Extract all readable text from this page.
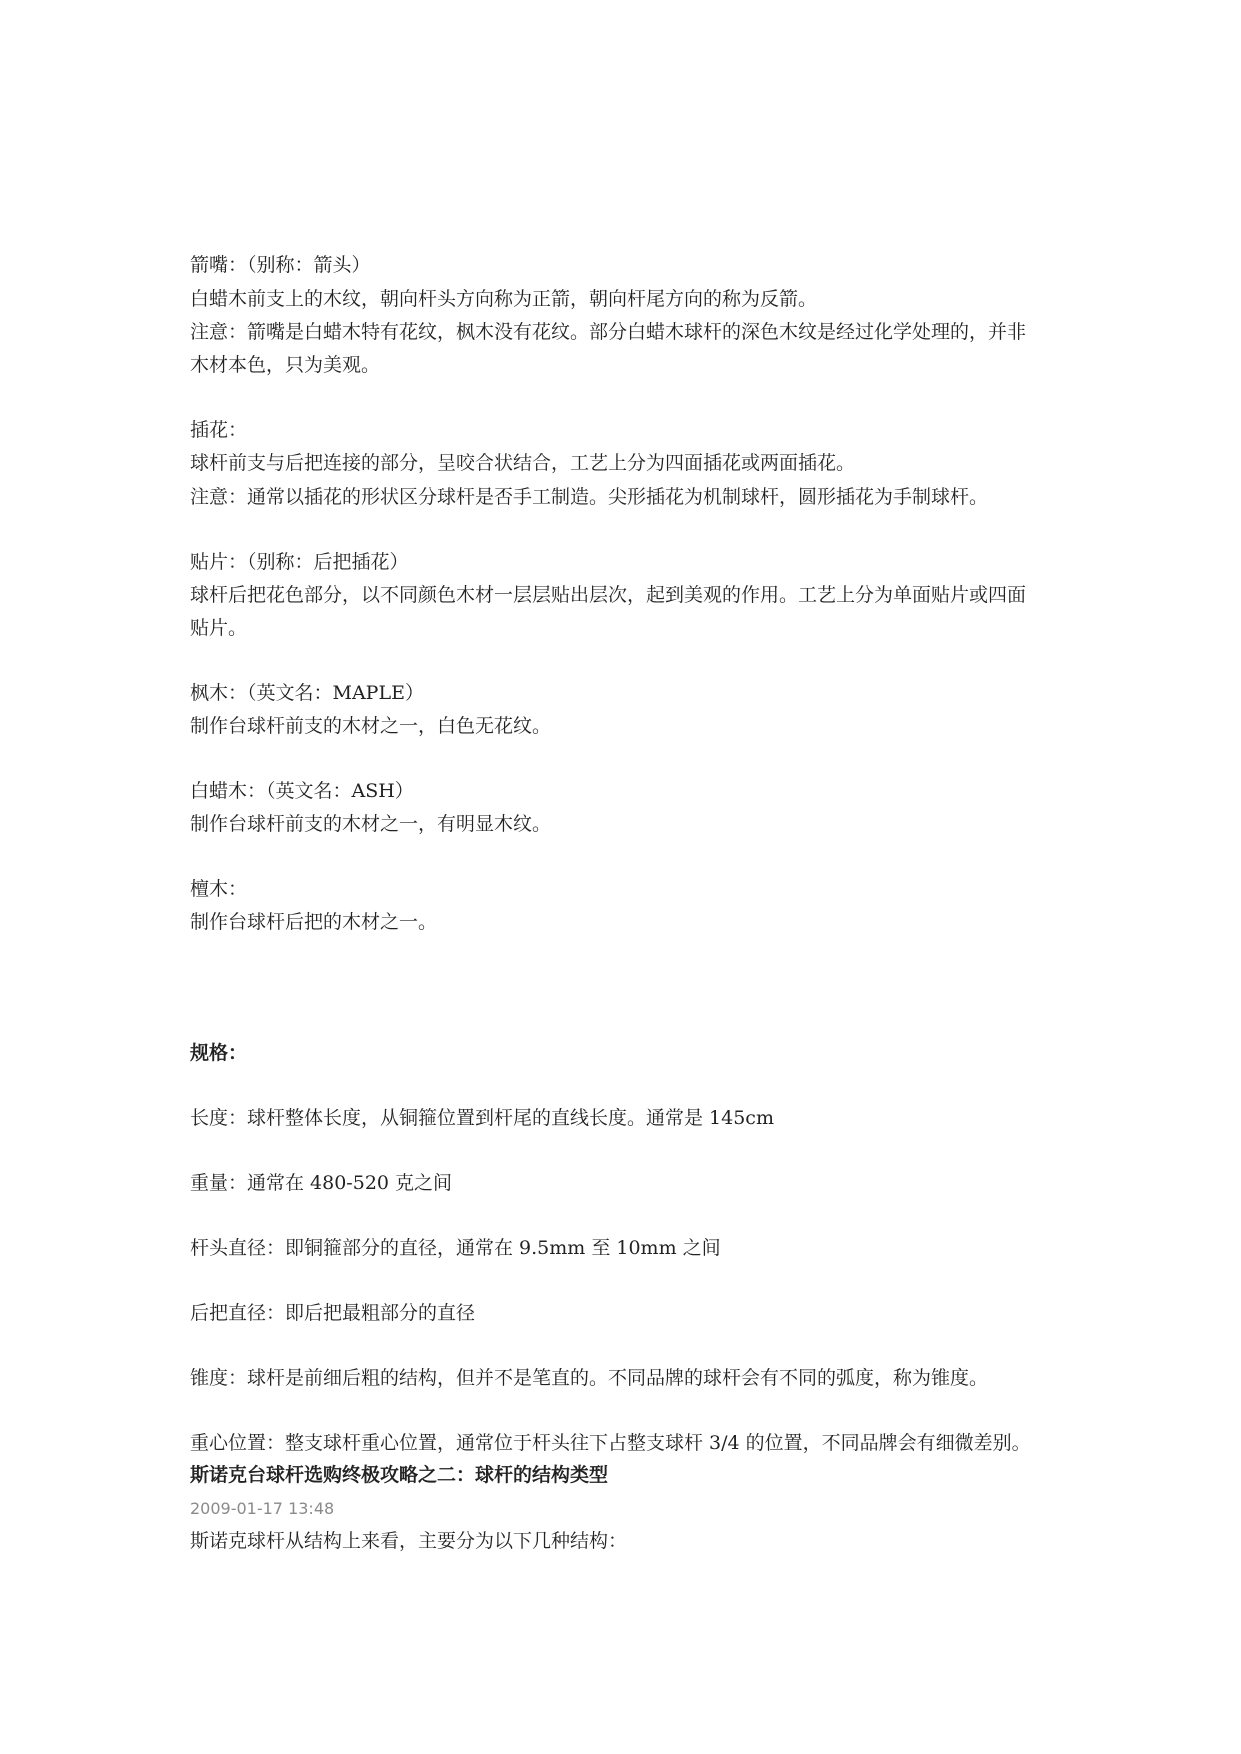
箭嘴：（别称：箭头）
白蜡木前支上的木纹，朝向杆头方向称为正箭，朝向杆尾方向的称为反箭。
注意：箭嘴是白蜡木特有花纹，枫木没有花纹。部分白蜡木球杆的深色木纹是经过化学处理的，并非
木材本色，只为美观。
插花：
球杆前支与后把连接的部分，呈咬合状结合，工艺上分为四面插花或两面插花。
注意：通常以插花的形状区分球杆是否手工制造。尖形插花为机制球杆，圆形插花为手制球杆。
贴片：（别称：后把插花）
球杆后把花色部分，以不同颜色木材一层层贴出层次，起到美观的作用。工艺上分为单面贴片或四面
贴片。
枫木：（英文名：MAPLE）
制作台球杆前支的木材之一，白色无花纹。
白蜡木：（英文名：ASH）
制作台球杆前支的木材之一，有明显木纹。
檀木：
制作台球杆后把的木材之一。
规格：
长度：球杆整体长度，从铜箍位置到杆尾的直线长度。通常是 145cm
重量：通常在 480-520 克之间
杆头直径：即铜箍部分的直径，通常在 9.5mm 至 10mm 之间
后把直径：即后把最粗部分的直径
锥度：球杆是前细后粗的结构，但并不是笔直的。不同品牌的球杆会有不同的弧度，称为锥度。
重心位置：整支球杆重心位置，通常位于杆头往下占整支球杆 3/4 的位置，不同品牌会有细微差别。
斯诺克台球杆选购终极攻略之二：球杆的结构类型
2009-01-17 13:48
斯诺克球杆从结构上来看，主要分为以下几种结构：
